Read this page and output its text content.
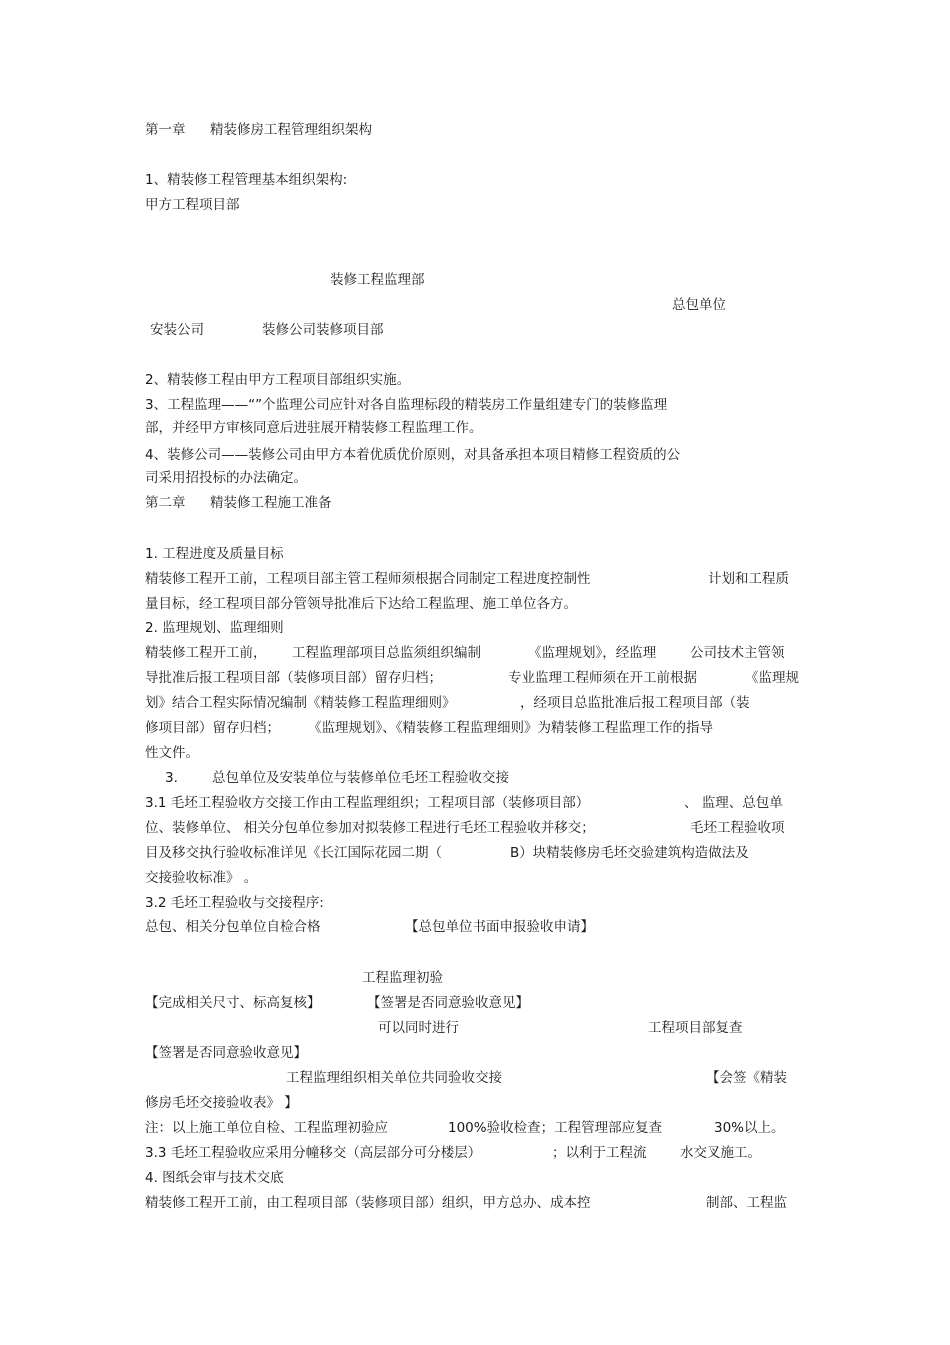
第一章 精装修房工程管理组织架构
1、精装修工程管理基本组织架构:
甲方工程项目部
装修工程监理部
总包单位
安装公司	装修公司装修项目部
2、精装修工程由甲方工程项目部组织实施。
3、工程监理——“”个监理公司应针对各自监理标段的精装房工作量组建专门的装修监理
部，并经甲方审核同意后进驻展开精装修工程监理工作。
4、装修公司——装修公司由甲方本着优质优价原则，对具备承担本项目精修工程资质的公
司采用招投标的办法确定。
第二章 精装修工程施工准备
1. 工程进度及质量目标
精装修工程开工前，工程项目部主管工程师须根据合同制定工程进度控制性	计划和工程质
量目标，经工程项目部分管领导批准后下达给工程监理、施工单位各方。
2. 监理规划、监理细则
精装修工程开工前， 工程监理部项目总监须组织编制	《监理规划》，经监理	公司技术主管领
导批准后报工程项目部（装修项目部）留存归档；	专业监理工程师须在开工前根据	《监理规
划》结合工程实际情况编制《精装修工程监理细则》	，经项目总监批准后报工程项目部（装
修项目部）留存归档； 《监理规划》、《精装修工程监理细则》为精装修工程监理工作的指导
性文件。
3.	总包单位及安装单位与装修单位毛坯工程验收交接
3.1 毛坯工程验收方交接工作由工程监理组织；工程项目部（装修项目部）	、 监理、总包单
位、装修单位、 相关分包单位参加对拟装修工程进行毛坯工程验收并移交；	毛坯工程验收项
目及移交执行验收标准详见《长江国际花园二期（	B）块精装修房毛坯交验建筑构造做法及
交接验收标准》 。
3.2 毛坯工程验收与交接程序:
总包、相关分包单位自检合格	【总包单位书面申报验收申请】
工程监理初验
【完成相关尺寸、标高复核】	【签署是否同意验收意见】
可以同时进行	工程项目部复查
【签署是否同意验收意见】
工程监理组织相关单位共同验收交接	【会签《精装
修房毛坯交接验收表》 】
注：以上施工单位自检、工程监理初验应	100%验收检查；工程管理部应复查	30%以上。
3.3 毛坯工程验收应采用分幢移交（高层部分可分楼层）	；以利于工程流 水交叉施工。
4. 图纸会审与技术交底
精装修工程开工前，由工程项目部（装修项目部）组织，甲方总办、成本控	制部、工程监
